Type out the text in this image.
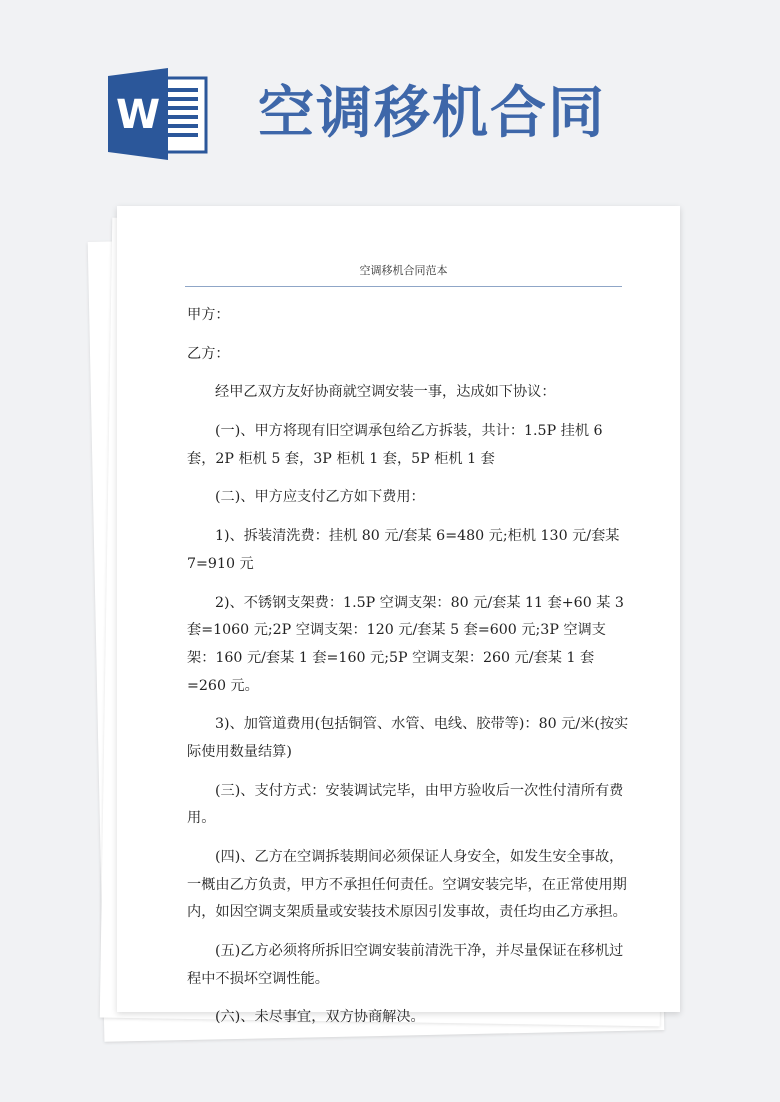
W 空调移机合同
空调移机合同范本

甲方：

乙方：

经甲乙双方友好协商就空调安装一事，达成如下协议：

(一)、甲方将现有旧空调承包给乙方拆装，共计：1.5P 挂机 6 套，2P 柜机 5 套，3P 柜机 1 套，5P 柜机 1 套

(二)、甲方应支付乙方如下费用：

1)、拆装清洗费：挂机 80 元/套某 6=480 元;柜机 130 元/套某 7=910 元

2)、不锈钢支架费：1.5P 空调支架：80 元/套某 11 套+60 某 3 套=1060 元;2P 空调支架：120 元/套某 5 套=600 元;3P 空调支架：160 元/套某 1 套=160 元;5P 空调支架：260 元/套某 1 套=260 元。

3)、加管道费用(包括铜管、水管、电线、胶带等)：80 元/米(按实际使用数量结算)

(三)、支付方式：安装调试完毕，由甲方验收后一次性付清所有费用。

(四)、乙方在空调拆装期间必须保证人身安全，如发生安全事故，一概由乙方负责，甲方不承担任何责任。空调安装完毕，在正常使用期内，如因空调支架质量或安装技术原因引发事故，责任均由乙方承担。

(五)乙方必须将所拆旧空调安装前清洗干净，并尽量保证在移机过程中不损坏空调性能。

(六)、未尽事宜，双方协商解决。
